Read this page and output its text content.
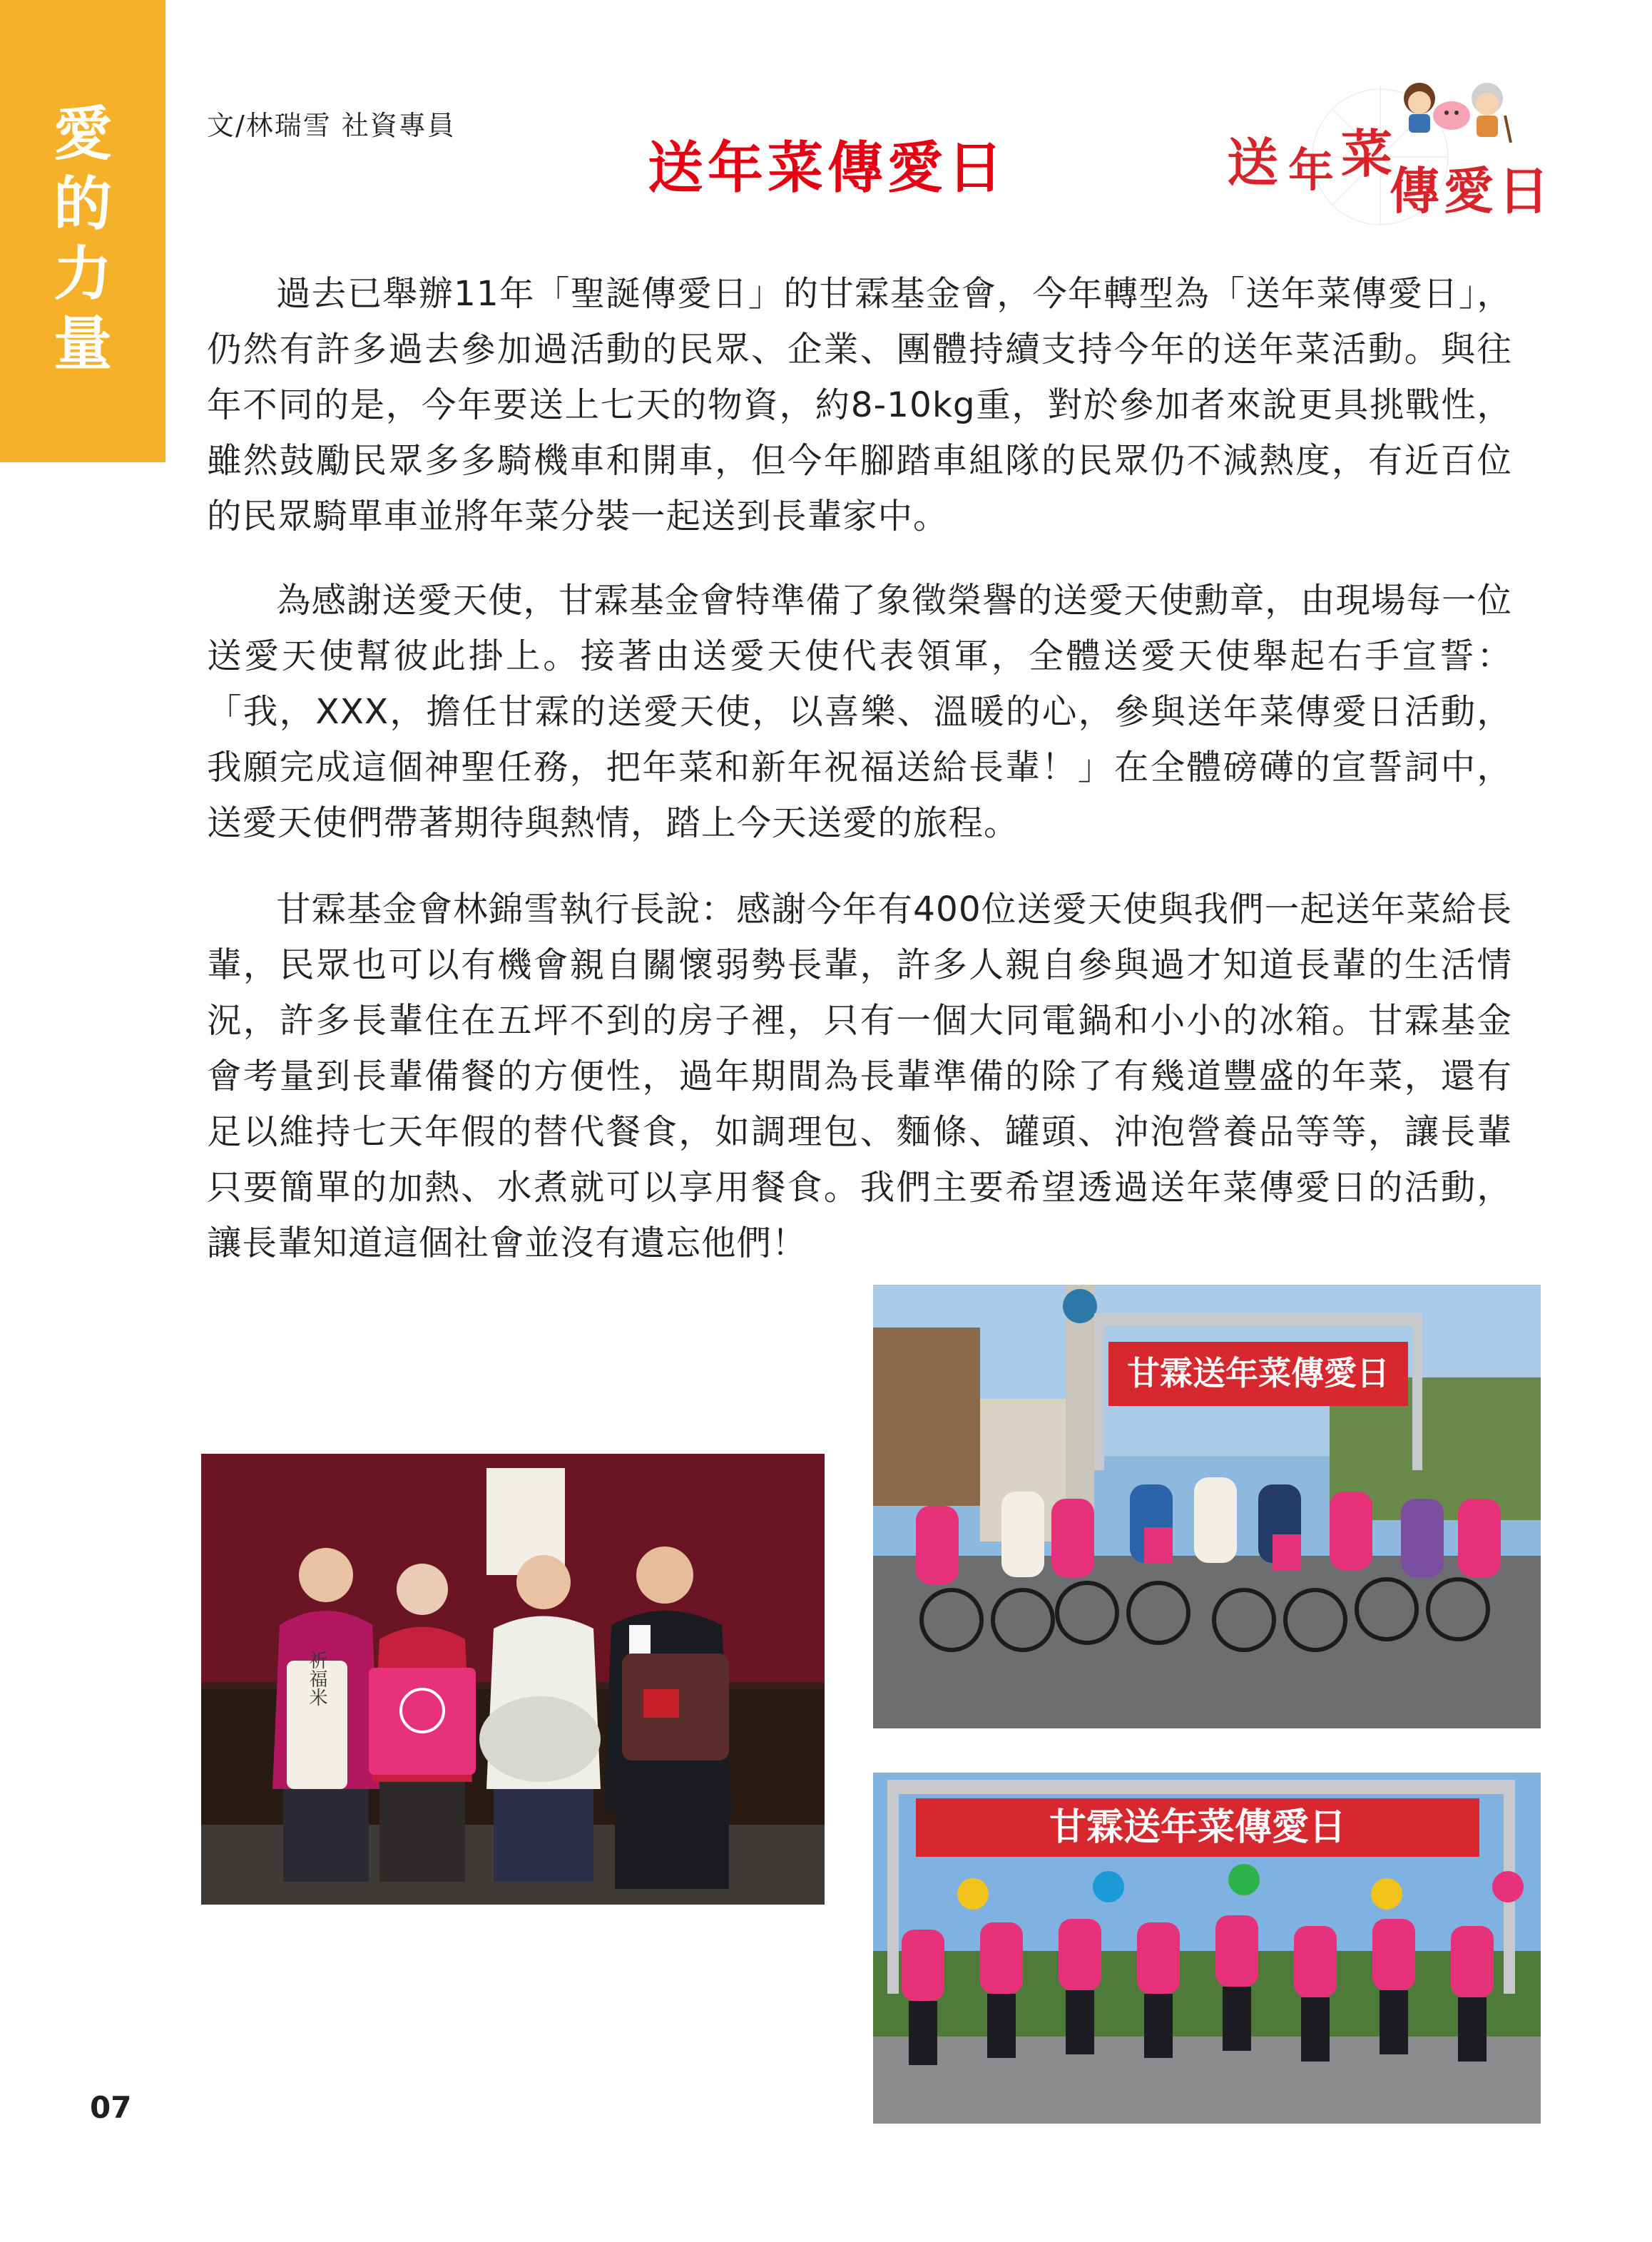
愛
的
力
量
文/林瑞雪 社資專員
送年菜傳愛日	送 年 菜
傳 愛 日

過去已舉辦11年「聖誕傳愛日」的甘霖基金會，今年轉型為「送年菜傳愛日」，仍然有許多過去參加過活動的民眾、企業、團體持續支持今年的送年菜活動。與往年不同的是，今年要送上七天的物資，約8-10kg重，對於參加者來說更具挑戰性，雖然鼓勵民眾多多騎機車和開車，但今年腳踏車組隊的民眾仍不減熱度，有近百位的民眾騎單車並將年菜分裝一起送到長輩家中。

為感謝送愛天使，甘霖基金會特準備了象徵榮譽的送愛天使勳章，由現場每一位送愛天使幫彼此掛上。接著由送愛天使代表領軍，全體送愛天使舉起右手宣誓：「我，XXX，擔任甘霖的送愛天使，以喜樂、溫暖的心，參與送年菜傳愛日活動，我願完成這個神聖任務，把年菜和新年祝福送給長輩！」在全體磅礡的宣誓詞中，送愛天使們帶著期待與熱情，踏上今天送愛的旅程。

甘霖基金會林錦雪執行長說：感謝今年有400位送愛天使與我們一起送年菜給長輩，民眾也可以有機會親自關懷弱勢長輩，許多人親自參與過才知道長輩的生活情況，許多長輩住在五坪不到的房子裡，只有一個大同電鍋和小小的冰箱。甘霖基金會考量到長輩備餐的方便性，過年期間為長輩準備的除了有幾道豐盛的年菜，還有足以維持七天年假的替代餐食，如調理包、麵條、罐頭、沖泡營養品等等，讓長輩只要簡單的加熱、水煮就可以享用餐食。我們主要希望透過送年菜傳愛日的活動，讓長輩知道這個社會並沒有遺忘他們！

祈福米
甘霖送年菜傳愛日
甘霖送年菜傳愛日
07
